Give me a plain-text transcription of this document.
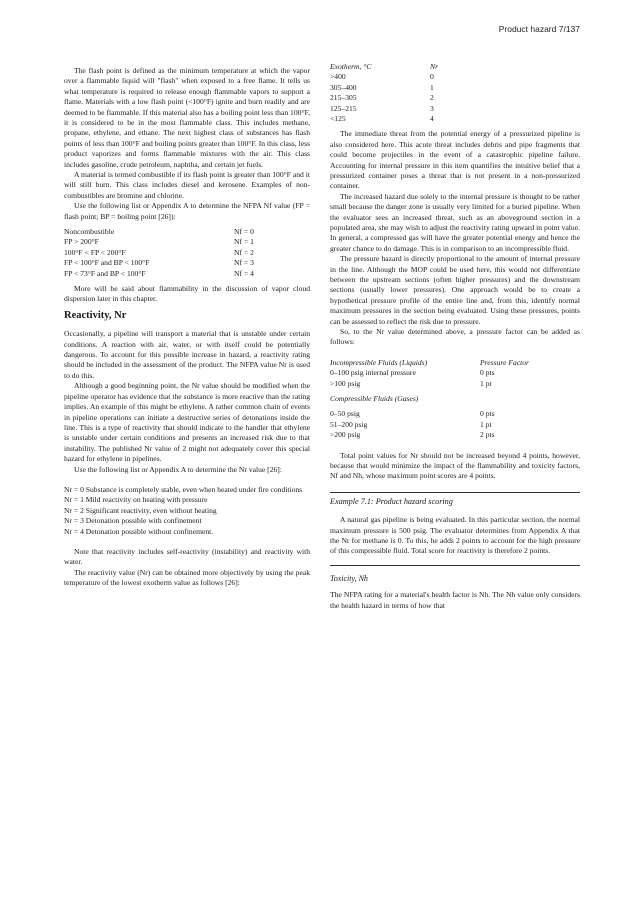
Product hazard 7/137

The flash point is defined as the minimum temperature at which the vapor over a flammable liquid will "flash" when exposed to a free flame. It tells us what temperature is required to release enough flammable vapors to support a flame. Materials with a low flash point (<100°F) ignite and burn readily and are deemed to be flammable. If this material also has a boiling point less than 100°F, it is considered to be in the most flammable class. This includes methane, propane, ethylene, and ethane. The next highest class of substances has flash points of less than 100°F and boiling points greater than 100°F. In this class, less product vaporizes and forms flammable mixtures with the air. This class includes gasoline, crude petroleum, naphtha, and certain jet fuels.

A material is termed combustible if its flash point is greater than 100°F and it will still burn. This class includes diesel and kerosene. Examples of non-combustibles are bromine and chlorine.

Use the following list or Appendix A to determine the NFPA Nf value (FP = flash point; BP = boiling point [26]):

Noncombustible	Nf = 0
FP > 200°F	Nf = 1
100°F < FP < 200°F	Nf = 2
FP < 100°F and BP < 100°F	Nf = 3
FP < 73°F and BP < 100°F	Nf = 4

More will be said about flammability in the discussion of vapor cloud dispersion later in this chapter.

Reactivity, Nr

Occasionally, a pipeline will transport a material that is unstable under certain conditions. A reaction with air, water, or with itself could be potentially dangerous. To account for this possible increase in hazard, a reactivity rating should be included in the assessment of the product. The NFPA value Nr is used to do this.

Although a good beginning point, the Nr value should be modified when the pipeline operator has evidence that the substance is more reactive than the rating implies. An example of this might be ethylene. A rather common chain of events in pipeline operations can initiate a destructive series of detonations inside the line. This is a type of reactivity that should indicate to the handler that ethylene is unstable under certain conditions and presents an increased risk due to that instability. The published Nr value of 2 might not adequately cover this special hazard for ethylene in pipelines.

Use the following list or Appendix A to determine the Nr value [26]:

Nr = 0 Substance is completely stable, even when heated under fire conditions

Nr = 1 Mild reactivity on heating with pressure

Nr = 2 Significant reactivity, even without heating

Nr = 3 Detonation possible with confinement

Nr = 4 Detonation possible without confinement.

Note that reactivity includes self-reactivity (instability) and reactivity with water.

The reactivity value (Nr) can be obtained more objectively by using the peak temperature of the lowest exotherm value as follows [26]:

Exotherm, °C	Nr
>400	0
305–400	1
215–305	2
125–215	3
<125	4

The immediate threat from the potential energy of a pressurized pipeline is also considered here. This acute threat includes debris and pipe fragments that could become projectiles in the event of a catastrophic pipeline failure. Accounting for internal pressure in this item quantifies the intuitive belief that a pressurized container poses a threat that is not present in a non-pressurized container.

The increased hazard due solely to the internal pressure is thought to be rather small because the danger zone is usually very limited for a buried pipeline. When the evaluator sees an increased threat, such as an aboveground section in a populated area, she may wish to adjust the reactivity rating upward in point value. In general, a compressed gas will have the greater potential energy and hence the greater chance to do damage. This is in comparison to an incompressible fluid.

The pressure hazard is directly proportional to the amount of internal pressure in the line. Although the MOP could be used here, this would not differentiate between the upstream sections (often higher pressures) and the downstream sections (usually lower pressures). One approach would be to create a hypothetical pressure profile of the entire line and, from this, identify normal maximum pressures in the section being evaluated. Using these pressures, points can be assessed to reflect the risk due to pressure.

So, to the Nr value determined above, a pressure factor can be added as follows:

Incompressible Fluids (Liquids)	Pressure Factor
0–100 psig internal pressure	0 pts
>100 psig	1 pt
Compressible Fluids (Gases)
0–50 psig	0 pts
51–200 psig	1 pt
>200 psig	2 pts

Total point values for Nr should not be increased beyond 4 points, however, because that would minimize the impact of the flammability and toxicity factors, Nf and Nh, whose maximum point scores are 4 points.

Example 7.1: Product hazard scoring

A natural gas pipeline is being evaluated. In this particular section, the normal maximum pressure is 500 psig. The evaluator determines from Appendix A that the Nr for methane is 0. To this, he adds 2 points to account for the high pressure of this compressible fluid. Total score for reactivity is therefore 2 points.

Toxicity, Nh

The NFPA rating for a material's health factor is Nh. The Nh value only considers the health hazard in terms of how that
